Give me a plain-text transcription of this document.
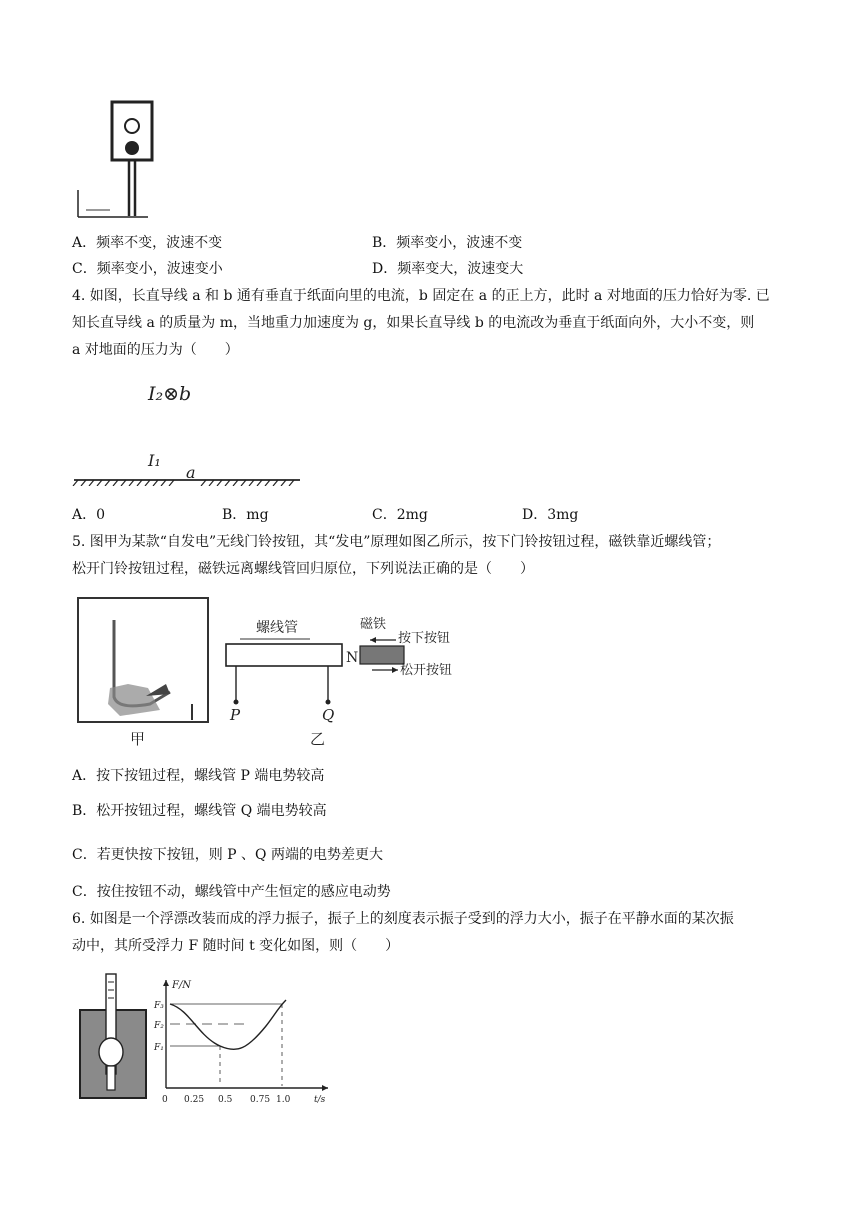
A．频率不变，波速不变	B．频率变小，波速不变
C．频率变小，波速变小	D．频率变大，波速变大
4. 如图，长直导线 a 和 b 通有垂直于纸面向里的电流，b 固定在 a 的正上方，此时 a 对地面的压力恰好为零. 已
知长直导线 a 的质量为 m，当地重力加速度为 g，如果长直导线 b 的电流改为垂直于纸面向外，大小不变，则
a 对地面的压力为（　　）
I₂⊗b
I₁
a
A．0	B．mg	C．2mg	D．3mg
5. 图甲为某款“自发电”无线门铃按钮，其“发电”原理如图乙所示，按下门铃按钮过程，磁铁靠近螺线管；
松开门铃按钮过程，磁铁远离螺线管回归原位，下列说法正确的是（　　）
甲
螺线管
P	Q
乙
N
磁铁
按下按钮
松开按钮
A．按下按钮过程，螺线管 P 端电势较高
B．松开按钮过程，螺线管 Q 端电势较高
C．若更快按下按钮，则 P 、Q 两端的电势差更大
C．按住按钮不动，螺线管中产生恒定的感应电动势
6. 如图是一个浮漂改装而成的浮力振子，振子上的刻度表示振子受到的浮力大小，振子在平静水面的某次振
动中，其所受浮力 F 随时间 t 变化如图，则（　　）
F/N
t/s
F₃
F₂
F₁
0 0.25 0.5 0.75 1.0
